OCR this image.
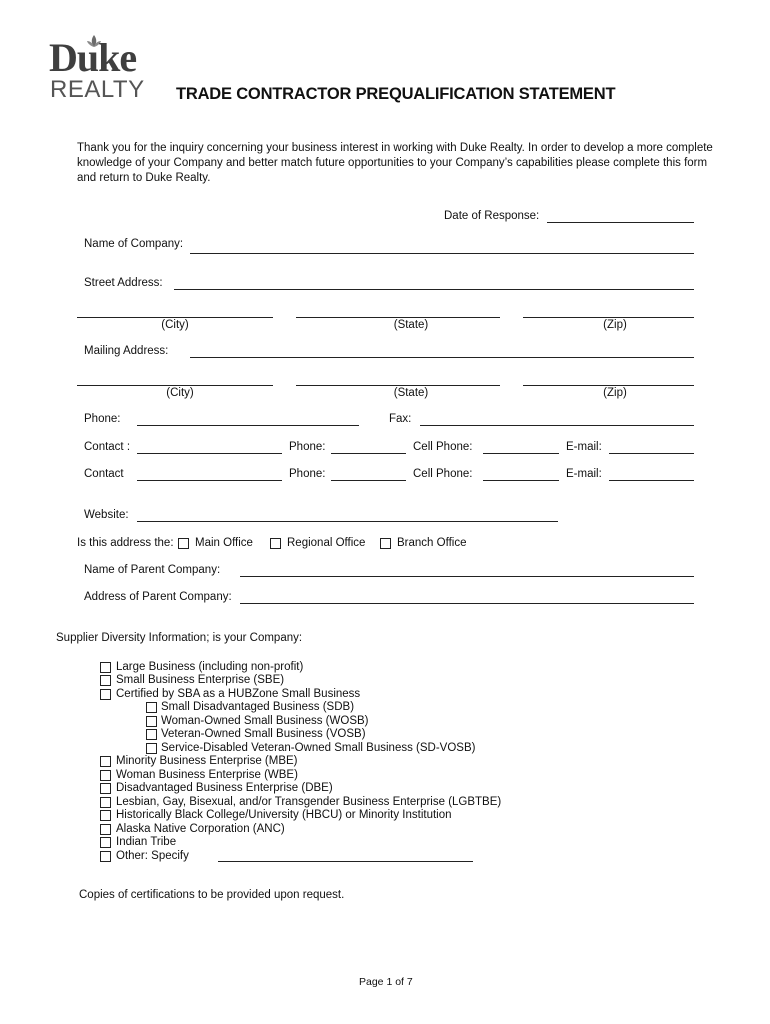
Duke
REALTY TRADE CONTRACTOR PREQUALIFICATION STATEMENT
Thank you for the inquiry concerning your business interest in working with Duke Realty. In order to develop a more complete knowledge of your Company and better match future opportunities to your Company’s capabilities please complete this form and return to Duke Realty.
Date of Response:
Name of Company:
Street Address:
(City)	(State)	(Zip)
Mailing Address:
(City)	(State)	(Zip)
Phone:	Fax:
Contact :	Phone:	Cell Phone:	E-mail:
Contact	Phone:	Cell Phone:	E-mail:
Website:
Is this address the: Main Office	Regional Office	Branch Office
Name of Parent Company:
Address of Parent Company:
Supplier Diversity Information; is your Company:
Large Business (including non-profit)
Small Business Enterprise (SBE)
Certified by SBA as a HUBZone Small Business
Small Disadvantaged Business (SDB)
Woman-Owned Small Business (WOSB)
Veteran-Owned Small Business (VOSB)
Service-Disabled Veteran-Owned Small Business (SD-VOSB)
Minority Business Enterprise (MBE)
Woman Business Enterprise (WBE)
Disadvantaged Business Enterprise (DBE)
Lesbian, Gay, Bisexual, and/or Transgender Business Enterprise (LGBTBE)
Historically Black College/University (HBCU) or Minority Institution
Alaska Native Corporation (ANC)
Indian Tribe
Other: Specify
Copies of certifications to be provided upon request.
Page 1 of 7
